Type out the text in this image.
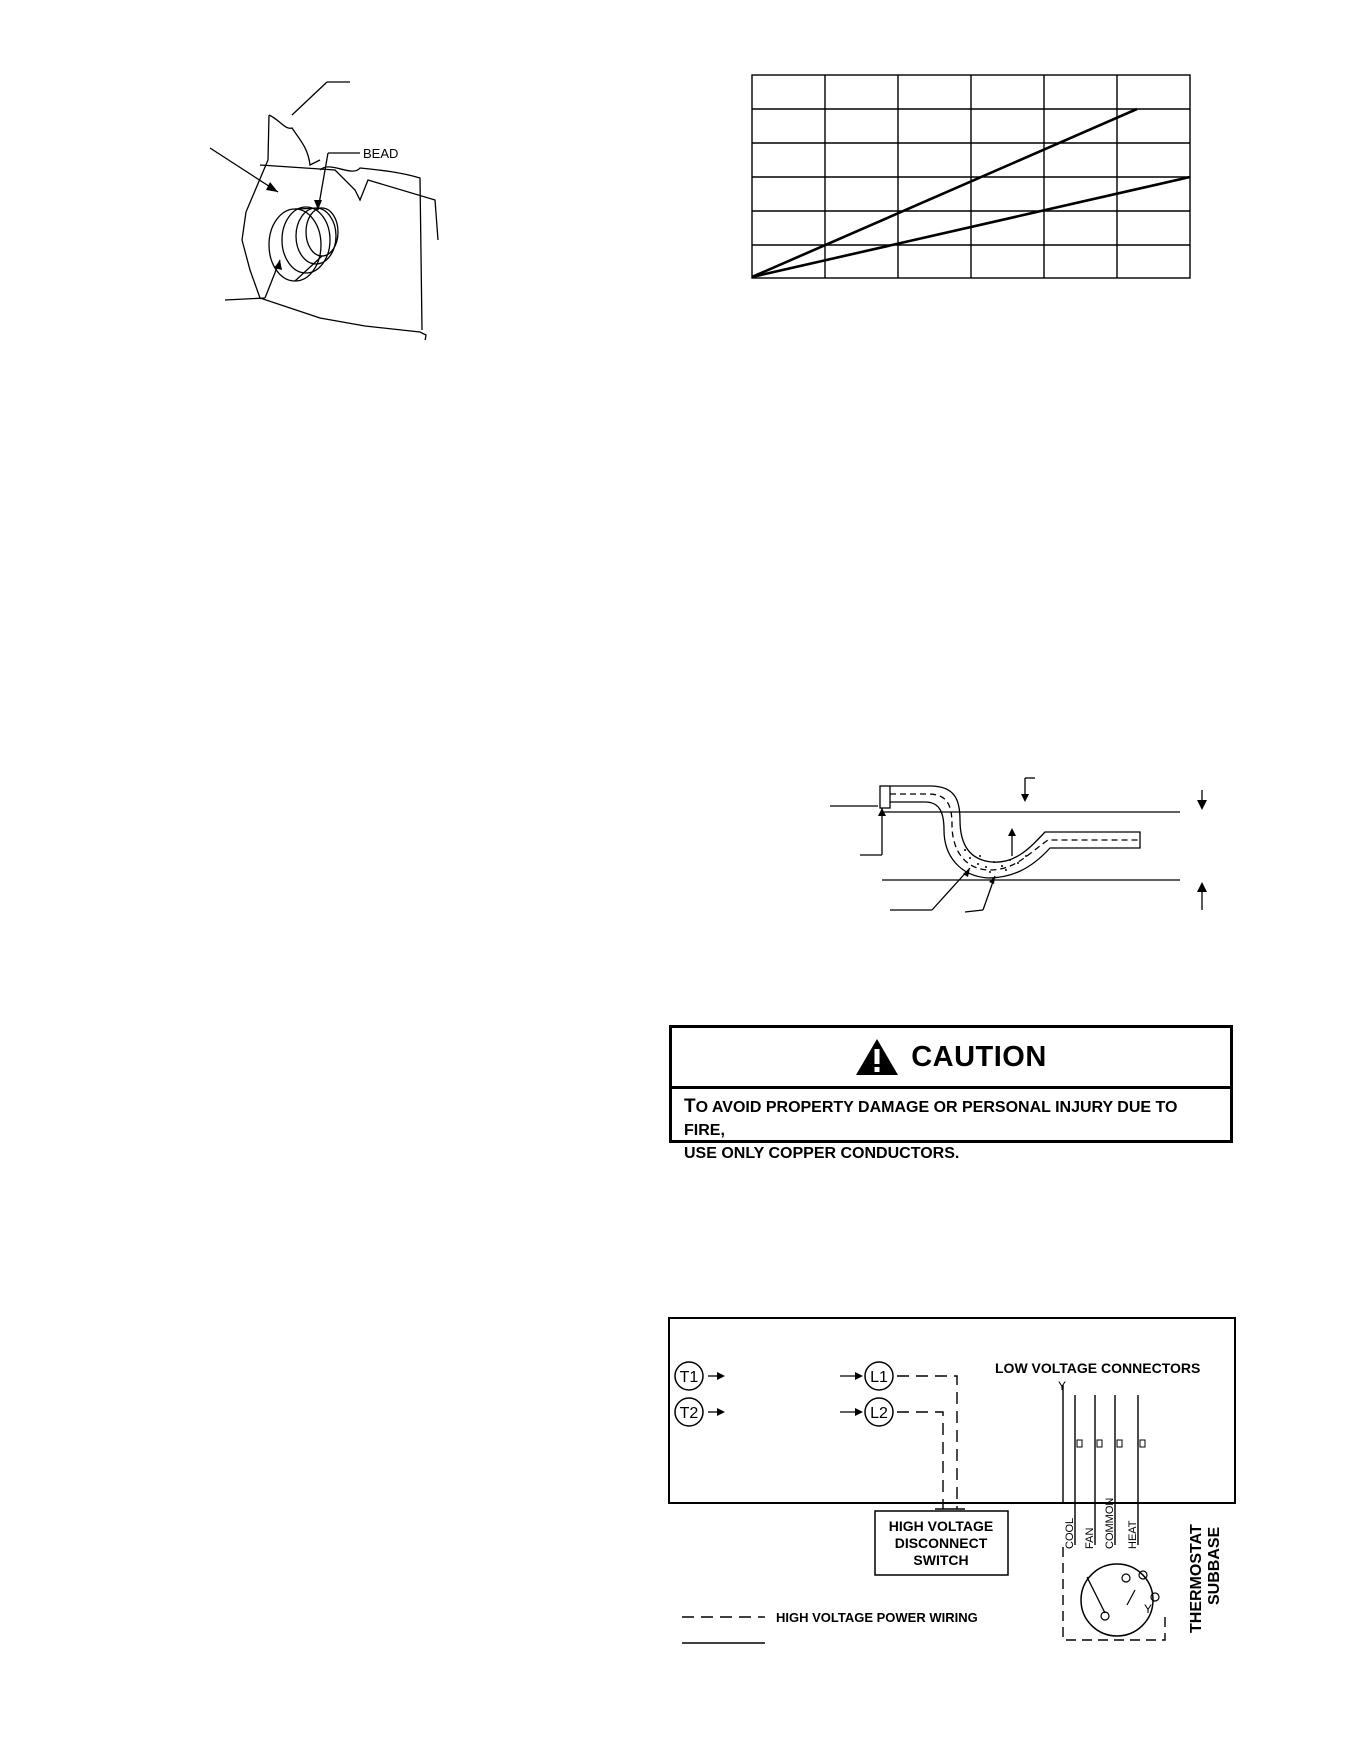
BEAD
CAUTION
TO AVOID PROPERTY DAMAGE OR PERSONAL INJURY DUE TO FIRE,
USE ONLY COPPER CONDUCTORS.
T1
T2
L1
L2
LOW VOLTAGE CONNECTORS
Y
HIGH VOLTAGE
DISCONNECT
SWITCH
HIGH VOLTAGE POWER WIRING
COOL FAN COMMON HEAT
Y THERMOSTAT SUBBASE
